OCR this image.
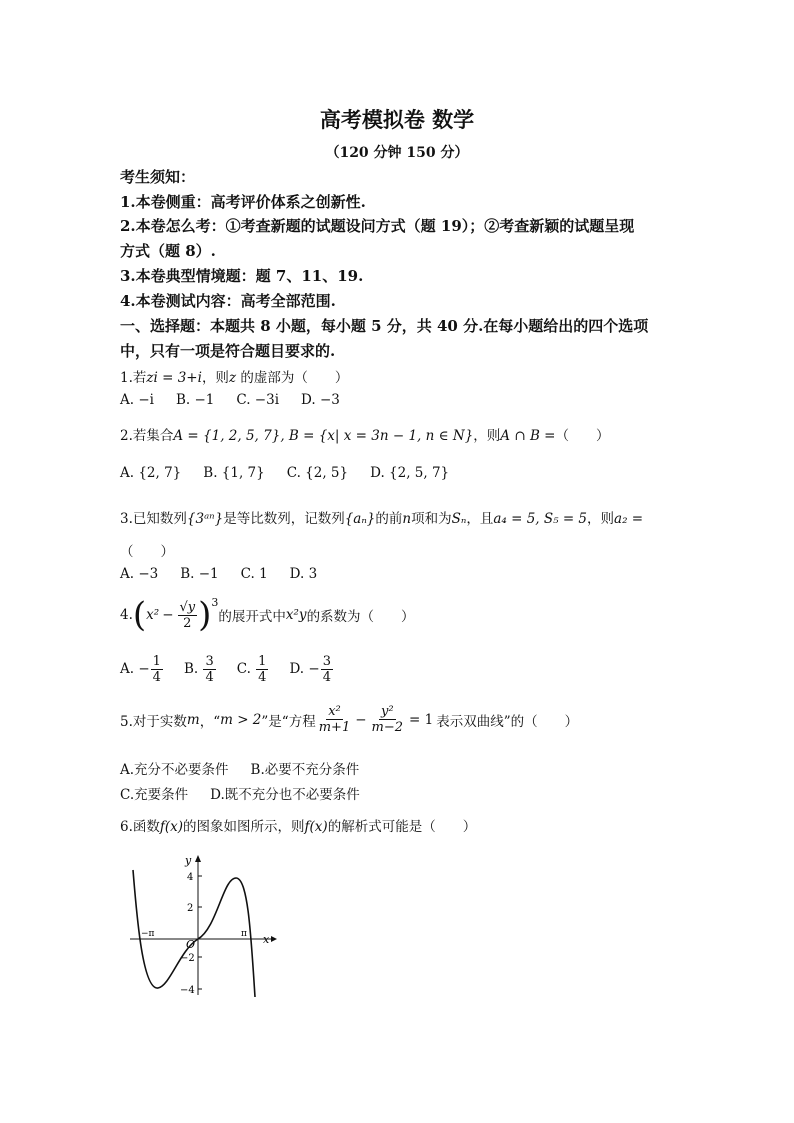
高考模拟卷 数学
（120 分钟 150 分）
考生须知：
1.本卷侧重：高考评价体系之创新性.
2.本卷怎么考：①考查新题的试题设问方式（题 19）；②考查新颖的试题呈现
方式（题 8）.
3.本卷典型情境题：题 7、11、19.
4.本卷测试内容：高考全部范围.
一、选择题：本题共 8 小题，每小题 5 分，共 40 分.在每小题给出的四个选项
中，只有一项是符合题目要求的.
1.若zi = 3+i，则z 的虚部为（　　）
A. −i B. −1 C. −3i D. −3
2.若集合A = {1, 2, 5, 7}, B = {x| x = 3n − 1, n ∈ N}，则A ∩ B =（　　）
A. {2, 7} B. {1, 7} C. {2, 5} D. {2, 5, 7}
3.已知数列{3ᵃⁿ}是等比数列，记数列{aₙ}的前n项和为Sₙ，且a₄ = 5, S₅ = 5，则a₂ =
（　　）
A. −3 B. −1 C. 1 D. 3
4. ( $x^2 - \frac{√y}{2}$ ) 3
的展开式中 x²y 的系数为（　　）
A. − $\frac{1}{4} B$. $\frac{3}{4} C$. $\frac{1}{4} D$. − $\frac{3}{4}$
5.对于实数 m ，“ m > 2 ”是“方程 $\frac{\text{x²}}{m+1} - \frac{\text{y²}}{m-2} = 1$ 表示双曲线”的（　　）
A.充分不必要条件 B.必要不充分条件
C.充要条件 D.既不充分也不必要条件
6.函数f(x)的图象如图所示，则f(x)的解析式可能是（　　）
y
x
O
4
2
−2
−4
−π	π
